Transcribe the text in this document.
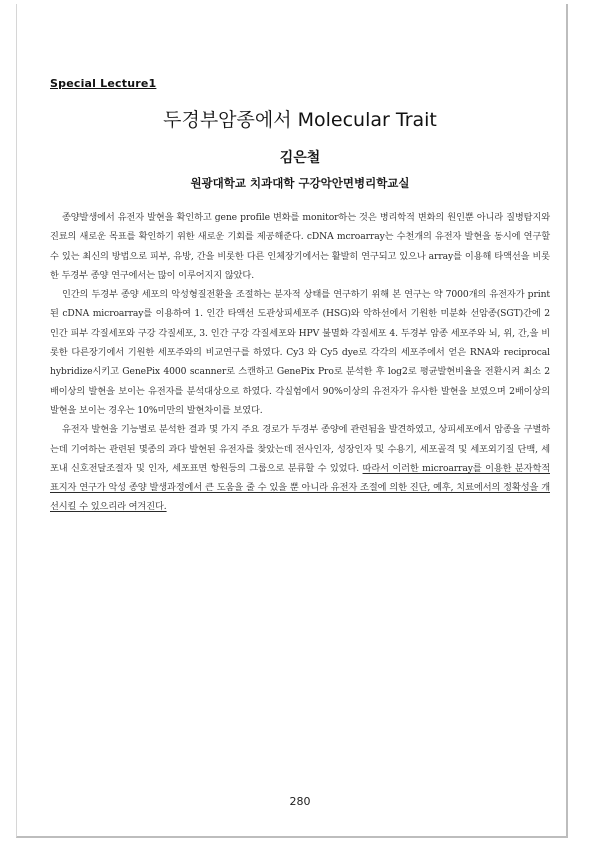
Special Lecture1
두경부암종에서 Molecular Trait
김은철
원광대학교 치과대학 구강악안면병리학교실

종양발생에서 유전자 발현을 확인하고 gene profile 변화를 monitor하는 것은 병리학적 변화의 원인뿐 아니라 질병탐지와 진료의 새로운 목표를 확인하기 위한 새로운 기회를 제공해준다. cDNA mcroarray는 수천개의 유전자 발현을 동시에 연구할 수 있는 최신의 방법으로 피부, 유방, 간을 비롯한 다른 인체장기에서는 활발히 연구되고 있으나 array를 이용해 타액선을 비롯한 두경부 종양 연구에서는 많이 이루어지지 않았다.

인간의 두경부 종양 세포의 악성형질전환을 조절하는 분자적 상태를 연구하기 위해 본 연구는 약 7000개의 유전자가 print된 cDNA microarray를 이용하여 1. 인간 타액선 도관상피세포주 (HSG)와 악하선에서 기원한 미분화 선암종(SGT)간에 2 인간 피부 각질세포와 구강 각질세포, 3. 인간 구강 각질세포와 HPV 불멸화 각질세포 4. 두경부 암종 세포주와 뇌, 위, 간,을 비롯한 다른장기에서 기원한 세포주와의 비교연구를 하였다. Cy3 와 Cy5 dye로 각각의 세포주에서 얻은 RNA와 reciprocal hybridize시키고 GenePix 4000 scanner로 스캔하고 GenePix Pro로 분석한 후 log2로 평균발현비율을 전환시켜 최소 2배이상의 발현을 보이는 유전자를 분석대상으로 하였다. 각실험에서 90%이상의 유전자가 유사한 발현을 보였으며 2배이상의 발현을 보이는 경우는 10%미만의 발현차이를 보였다.

유전자 발현을 기능별로 분석한 결과 몇 가지 주요 경로가 두경부 종양에 관련됨을 발견하였고, 상피세포에서 암종을 구별하는데 기여하는 관련된 몇종의 과다 발현된 유전자를 찾았는데 전사인자, 성장인자 및 수용기, 세포골격 및 세포외기질 단백, 세포내 신호전달조절자 및 인자, 세포표면 항원등의 그룹으로 분류할 수 있었다. 따라서 이러한 microarray를 이용한 분자학적 표지자 연구가 악성 종양 발생과정에서 큰 도움을 줄 수 있을 뿐 아니라 유전자 조절에 의한 진단, 예후, 치료에서의 정확성을 개선시킬 수 있으리라 여겨진다.

280
